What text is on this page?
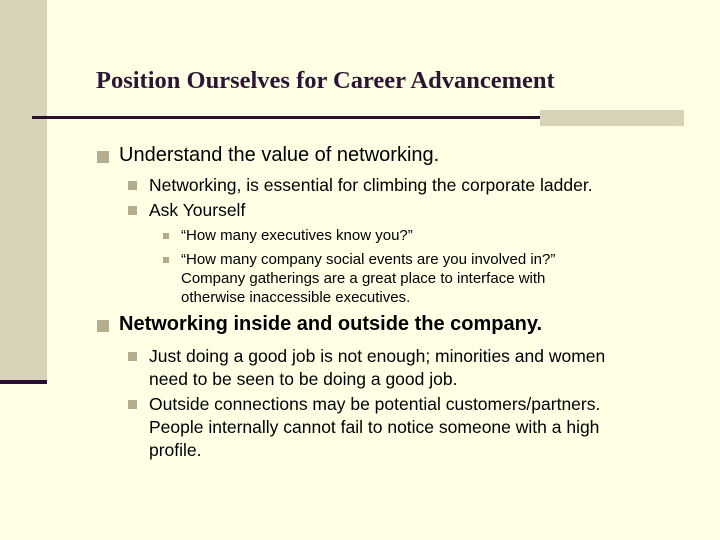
Position Ourselves for Career Advancement
Understand the value of networking.
Networking, is essential for climbing the corporate ladder.
Ask Yourself
“How many executives know you?”
“How many company social events are you involved in?”
Company gatherings are a great place to interface with
otherwise inaccessible executives.
Networking inside and outside the company.
Just doing a good job is not enough; minorities and women
need to be seen to be doing a good job.
Outside connections may be potential customers/partners.
People internally cannot fail to notice someone with a high
profile.
